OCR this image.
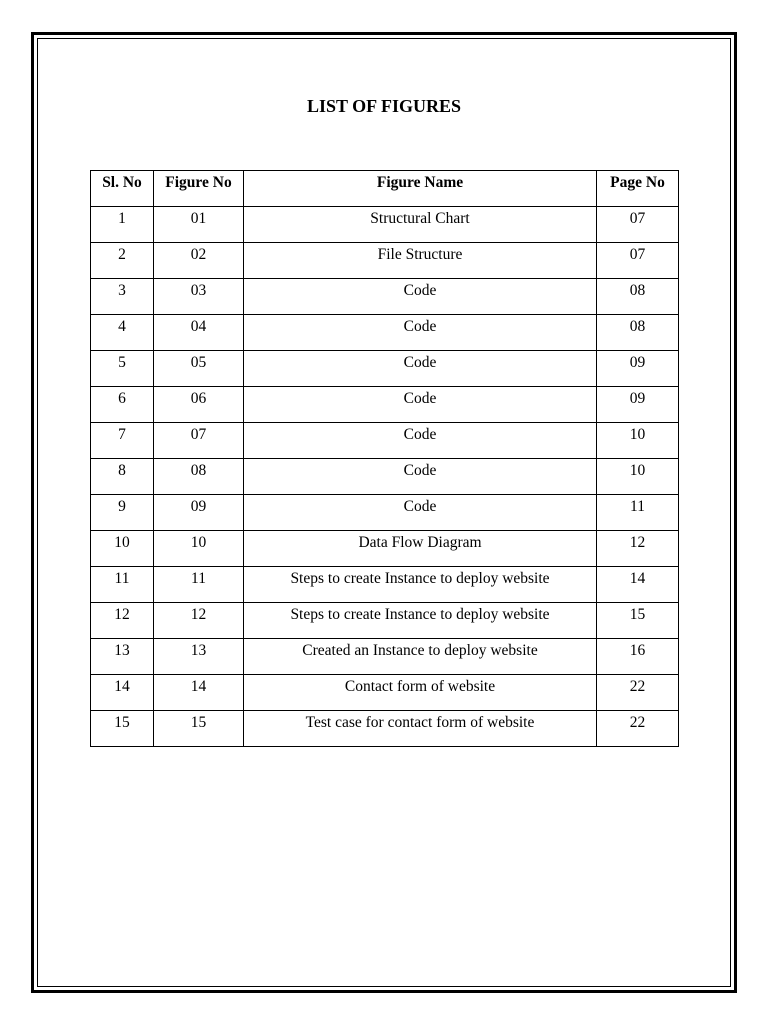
LIST OF FIGURES
Sl. No	Figure No	Figure Name	Page No
1	01	Structural Chart	07
2	02	File Structure	07
3	03	Code	08
4	04	Code	08
5	05	Code	09
6	06	Code	09
7	07	Code	10
8	08	Code	10
9	09	Code	11
10	10	Data Flow Diagram	12
11	11	Steps to create Instance to deploy website	14
12	12	Steps to create Instance to deploy website	15
13	13	Created an Instance to deploy website	16
14	14	Contact form of website	22
15	15	Test case for contact form of website	22
